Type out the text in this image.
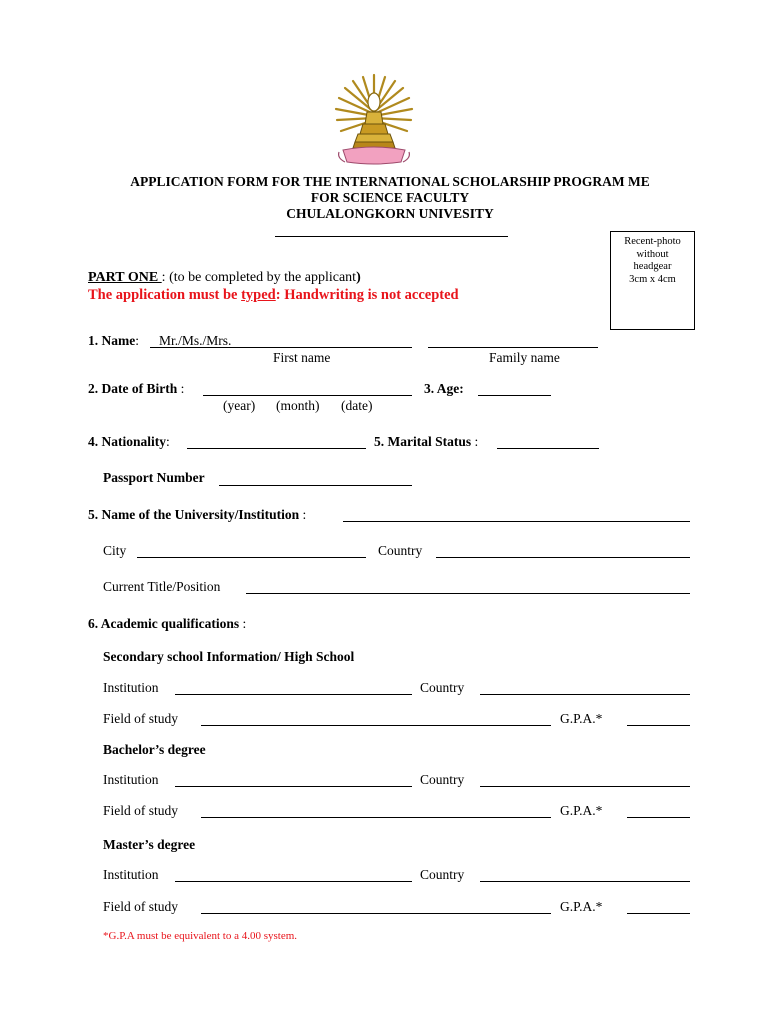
APPLICATION FORM FOR THE INTERNATIONAL SCHOLARSHIP PROGRAM ME
FOR SCIENCE FACULTY
CHULALONGKORN UNIVESITY
Recent-photo
without
headgear
3cm x 4cm
PART ONE : (to be completed by the applicant)
The application must be typed: Handwriting is not accepted
1. Name: Mr./Ms./Mrs.
First name	Family name
2. Date of Birth :
(year) (month) (date)
3. Age:
4. Nationality:	5. Marital Status :
Passport Number
5. Name of the University/Institution :
City	Country
Current Title/Position
6. Academic qualifications :
Secondary school Information/ High School
Institution	Country
Field of study	G.P.A.*
Bachelor’s degree
Institution	Country
Field of study	G.P.A.*
Master’s degree
Institution	Country
Field of study	G.P.A.*
*G.P.A must be equivalent to a 4.00 system.
